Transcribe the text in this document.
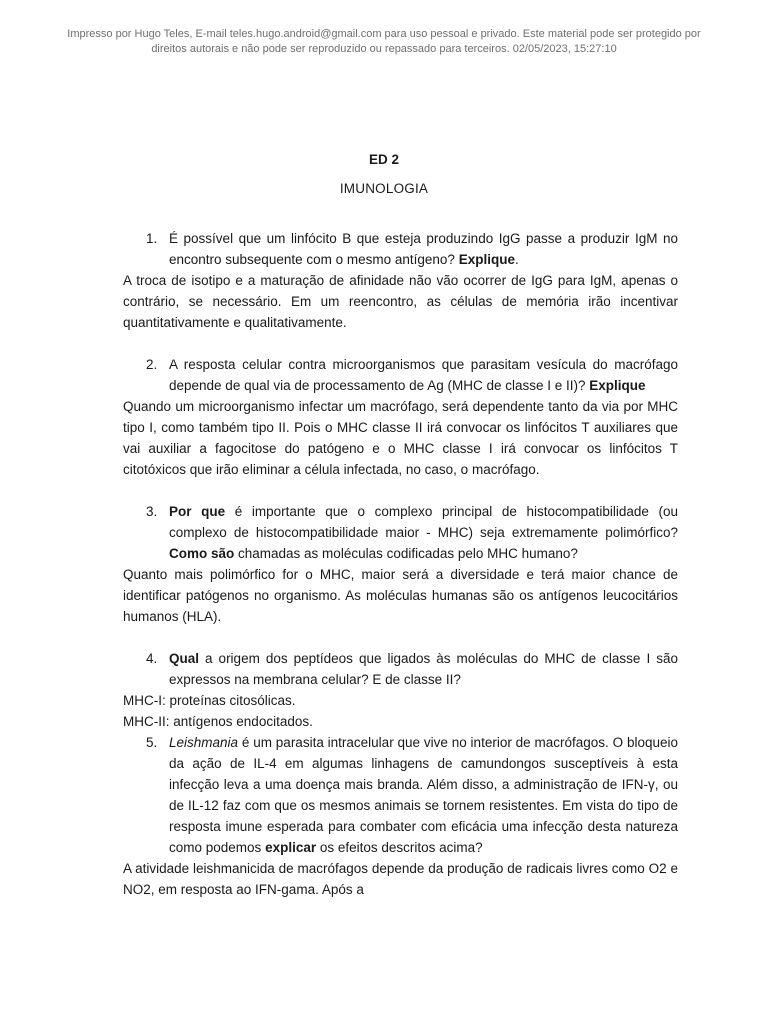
Impresso por Hugo Teles, E-mail teles.hugo.android@gmail.com para uso pessoal e privado. Este material pode ser protegido por
direitos autorais e não pode ser reproduzido ou repassado para terceiros. 02/05/2023, 15:27:10
ED 2
IMUNOLOGIA
1. É possível que um linfócito B que esteja produzindo IgG passe a produzir IgM no encontro subsequente com o mesmo antígeno? Explique.
A troca de isotipo e a maturação de afinidade não vão ocorrer de IgG para IgM, apenas o contrário, se necessário. Em um reencontro, as células de memória irão incentivar quantitativamente e qualitativamente.
2. A resposta celular contra microorganismos que parasitam vesícula do macrófago depende de qual via de processamento de Ag (MHC de classe I e II)? Explique
Quando um microorganismo infectar um macrófago, será dependente tanto da via por MHC tipo I, como também tipo II. Pois o MHC classe II irá convocar os linfócitos T auxiliares que vai auxiliar a fagocitose do patógeno e o MHC classe I irá convocar os linfócitos T citotóxicos que irão eliminar a célula infectada, no caso, o macrófago.
3. Por que é importante que o complexo principal de histocompatibilidade (ou complexo de histocompatibilidade maior - MHC) seja extremamente polimórfico? Como são chamadas as moléculas codificadas pelo MHC humano?
Quanto mais polimórfico for o MHC, maior será a diversidade e terá maior chance de identificar patógenos no organismo. As moléculas humanas são os antígenos leucocitários humanos (HLA).
4. Qual a origem dos peptídeos que ligados às moléculas do MHC de classe I são expressos na membrana celular? E de classe II?
MHC-I: proteínas citosólicas.
MHC-II: antígenos endocitados.
5. Leishmania é um parasita intracelular que vive no interior de macrófagos. O bloqueio da ação de IL-4 em algumas linhagens de camundongos susceptíveis à esta infecção leva a uma doença mais branda. Além disso, a administração de IFN-γ, ou de IL-12 faz com que os mesmos animais se tornem resistentes. Em vista do tipo de resposta imune esperada para combater com eficácia uma infecção desta natureza como podemos explicar os efeitos descritos acima?
A atividade leishmanicida de macrófagos depende da produção de radicais livres como O2 e NO2, em resposta ao IFN-gama. Após a
